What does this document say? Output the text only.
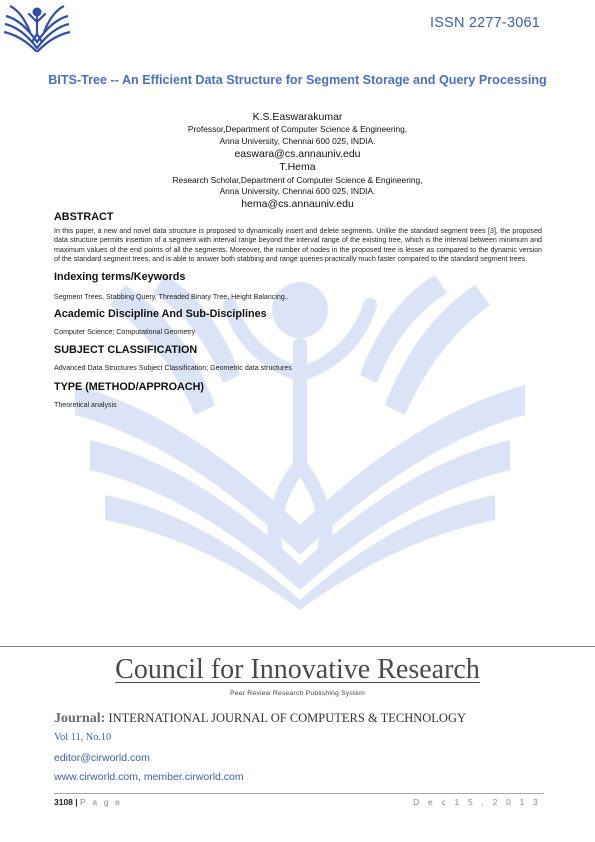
ISSN 2277-3061
BITS-Tree -- An Efficient Data Structure for Segment Storage and Query Processing
K.S.Easwarakumar
Professor,Department of Computer Science & Engineering,
Anna University, Chennai 600 025, INDIA.
easwara@cs.annauniv.edu
T.Hema
Research Scholar,Department of Computer Science & Engineering,
Anna University, Chennai 600 025, INDIA.
hema@cs.annauniv.edu
ABSTRACT
In this paper, a new and novel data structure is proposed to dynamically insert and delete segments. Unlike the standard segment trees [3], the proposed data structure permits insertion of a segment with interval range beyond the interval range of the existing tree, which is the interval between minimum and maximum values of the end points of all the segments. Moreover, the number of nodes in the proposed tree is lesser as compared to the dynamic version of the standard segment trees, and is able to answer both stabbing and range queries practically much faster compared to the standard segment trees.
Indexing terms/Keywords
Segment Trees, Stabbing Query, Threaded Binary Tree, Height Balancing..
Academic Discipline And Sub-Disciplines
Computer Science; Computational Geometry
SUBJECT CLASSIFICATION
Advanced Data Structures Subject Classification; Geometric data structures
TYPE (METHOD/APPROACH)
Theoretical analysis
Council for Innovative Research
Peer Review Research Publishing System
Journal: INTERNATIONAL JOURNAL OF COMPUTERS & TECHNOLOGY
Vol 11, No.10
editor@cirworld.com
www.cirworld.com, member.cirworld.com
3108 | P a g e	D e c 1 5 , 2 0 1 3
